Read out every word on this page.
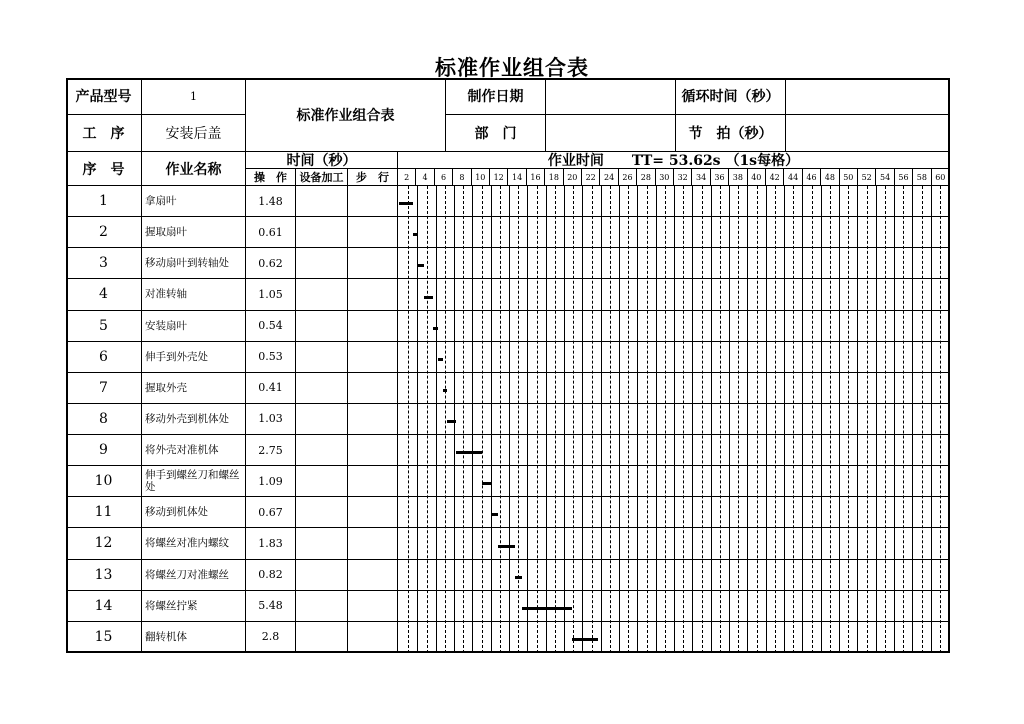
标准作业组合表
产品型号	1
标准作业组合表
制作日期	循环时间（秒）
工　序	安装后盖	部　门	节　拍（秒）
序　号	作业名称
时间（秒）
操　作	设备加工	步　行
作业时间 TT= 53.62s （1s每格）
2	4	6	8	10	12	14	16	18	20	22	24	26	28	30	32	34	36	38	40	42	44	46	48	50	52	54	56	58	60
1	拿扇叶	1.48
2	握取扇叶	0.61
3	移动扇叶到转轴处	0.62
4	对准转轴	1.05
5	安装扇叶	0.54
6	伸手到外壳处	0.53
7	握取外壳	0.41
8	移动外壳到机体处	1.03
9	将外壳对准机体	2.75
10	伸手到螺丝刀和螺丝处	1.09
11	移动到机体处	0.67
12	将螺丝对准内螺纹	1.83
13	将螺丝刀对准螺丝	0.82
14	将螺丝拧紧	5.48
15	翻转机体	2.8
